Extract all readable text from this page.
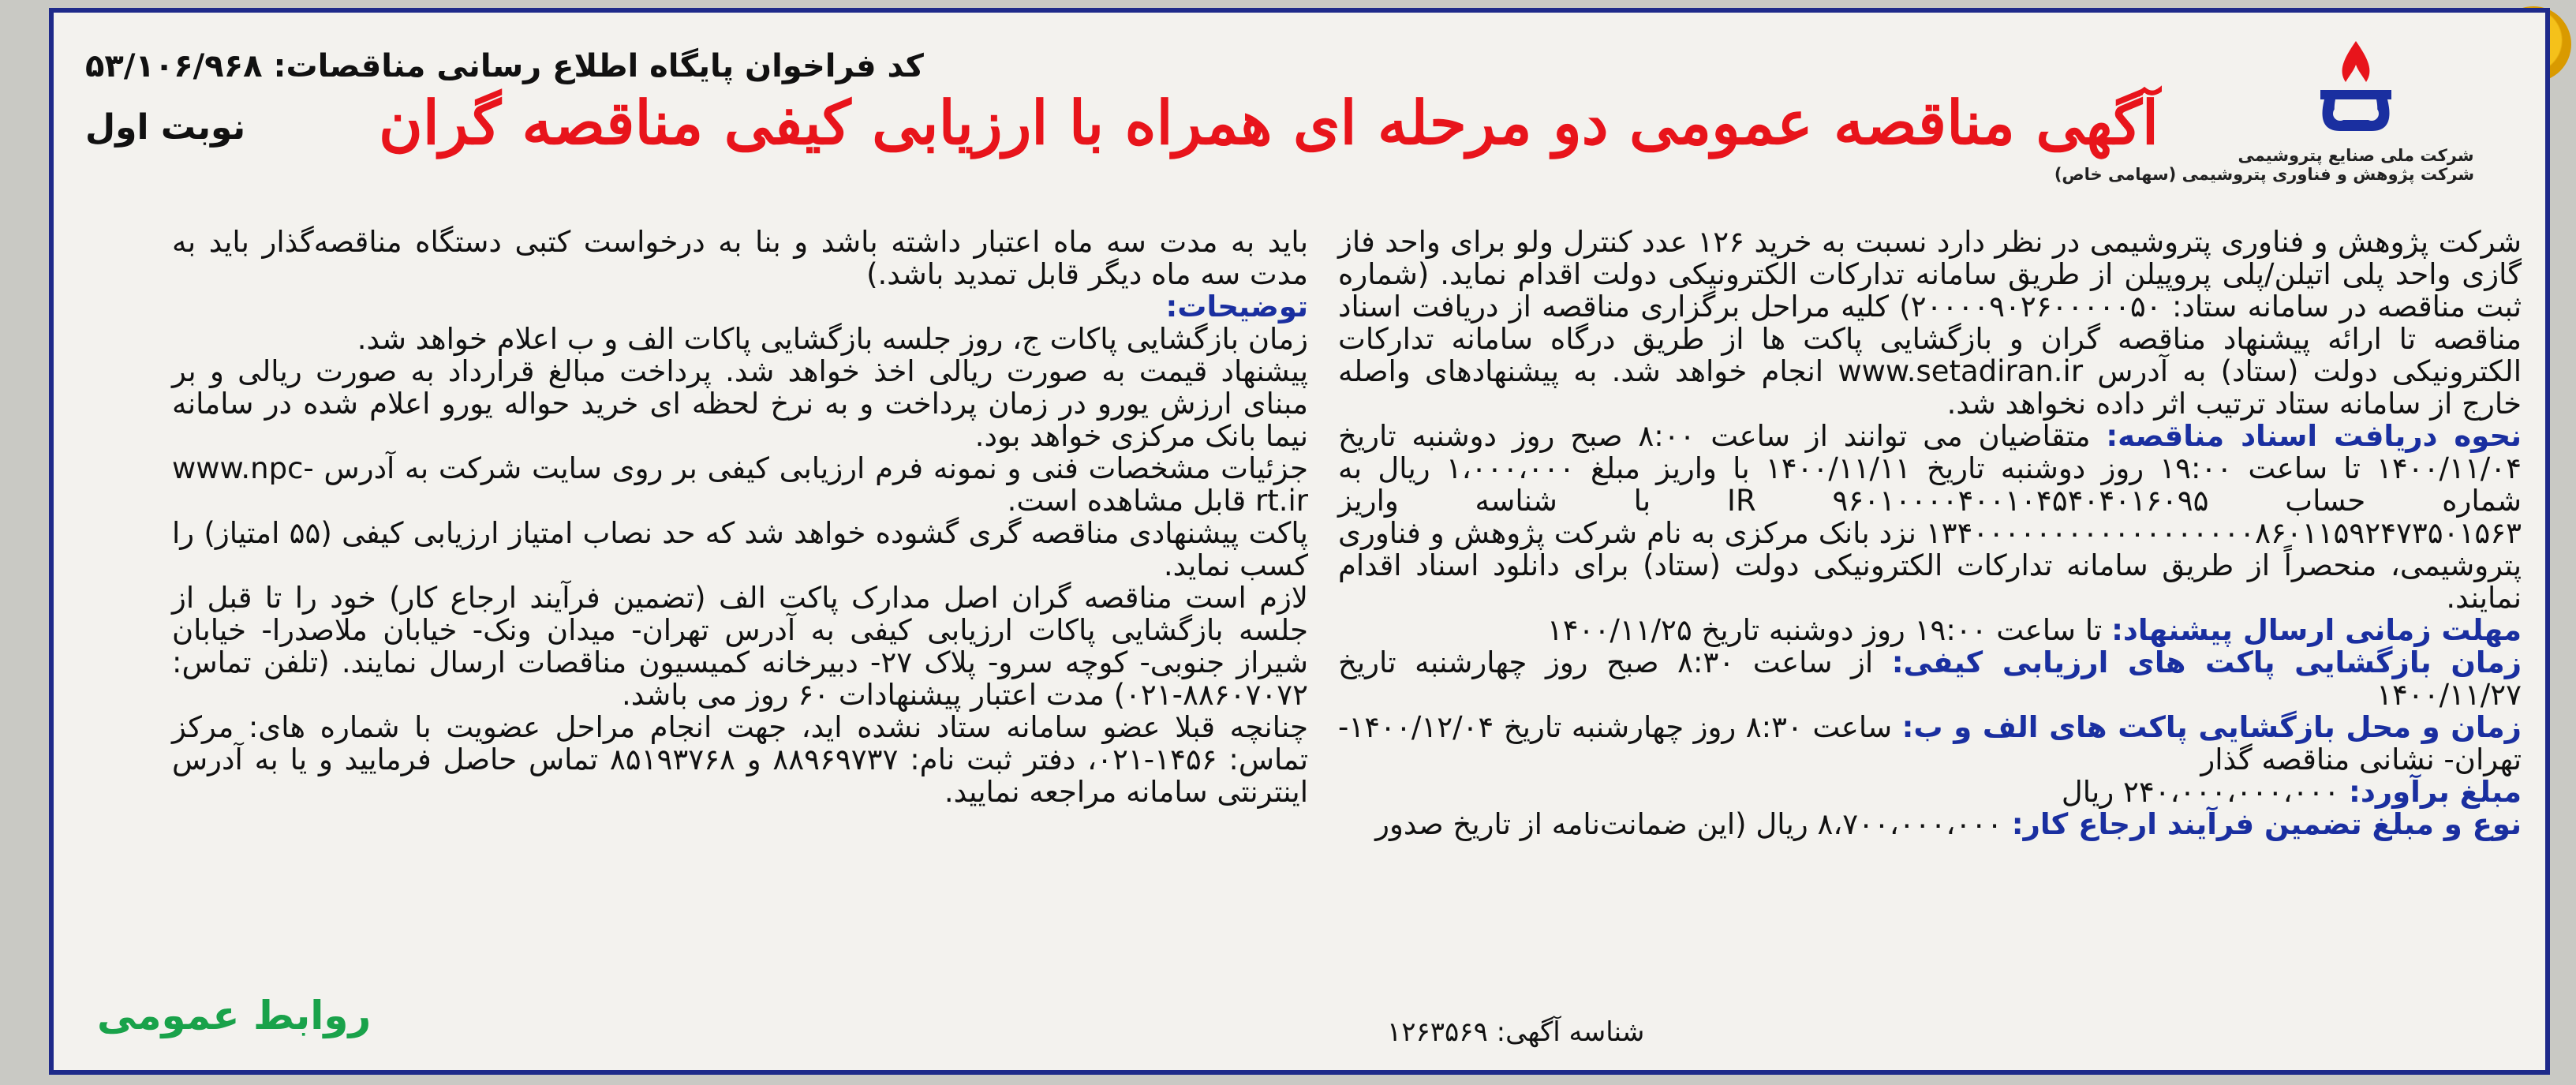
شرکت ملی صنایع پتروشیمی
شرکت پژوهش و فناوری پتروشیمی (سهامی خاص)
آگهی مناقصه عمومی دو مرحله ای همراه با ارزیابی کیفی مناقصه گران
کد فراخوان پایگاه اطلاع رسانی مناقصات: ۵۳/۱۰۶/۹۶۸
نوبت اول

شرکت پژوهش و فناوری پتروشیمی در نظر دارد نسبت به خرید ۱۲۶ عدد کنترل ولو برای واحد فاز گازی واحد پلی اتیلن/پلی پروپیلن از طریق سامانه تدارکات الکترونیکی دولت اقدام نماید. (شماره ثبت مناقصه در سامانه ستاد: ۲۰۰۰۰۹۰۲۶۰۰۰۰۰۵۰) کلیه مراحل برگزاری مناقصه از دریافت اسناد مناقصه تا ارائه پیشنهاد مناقصه گران و بازگشایی پاکت ها از طریق درگاه سامانه تدارکات الکترونیکی دولت (ستاد) به آدرس www.setadiran.ir انجام خواهد شد. به پیشنهادهای واصله خارج از سامانه ستاد ترتیب اثر داده نخواهد شد.

نحوه دریافت اسناد مناقصه: متقاضیان می توانند از ساعت ۸:۰۰ صبح روز دوشنبه تاریخ ۱۴۰۰/۱۱/۰۴ تا ساعت ۱۹:۰۰ روز دوشنبه تاریخ ۱۴۰۰/۱۱/۱۱ با واریز مبلغ ۱،۰۰۰،۰۰۰ ریال به شماره حساب IR ۹۶۰۱۰۰۰۰۴۰۰۱۰۴۵۴۰۴۰۱۶۰۹۵ با شناسه واریز ۱۳۴۰۰۰۰۰۰۰۰۰۰۰۰۰۰۰۰۰۰۸۶۰۱۱۵۹۲۴۷۳۵۰۱۵۶۳ نزد بانک مرکزی به نام شرکت پژوهش و فناوری پتروشیمی، منحصراً از طریق سامانه تدارکات الکترونیکی دولت (ستاد) برای دانلود اسناد اقدام نمایند.

مهلت زمانی ارسال پیشنهاد: تا ساعت ۱۹:۰۰ روز دوشنبه تاریخ ۱۴۰۰/۱۱/۲۵

زمان بازگشایی پاکت های ارزیابی کیفی: از ساعت ۸:۳۰ صبح روز چهارشنبه تاریخ ۱۴۰۰/۱۱/۲۷

زمان و محل بازگشایی پاکت های الف و ب: ساعت ۸:۳۰ روز چهارشنبه تاریخ ۱۴۰۰/۱۲/۰۴- تهران- نشانی مناقصه گذار

مبلغ برآورد: ۲۴۰،۰۰۰،۰۰۰،۰۰۰ ریال

نوع و مبلغ تضمین فرآیند ارجاع کار: ۸،۷۰۰،۰۰۰،۰۰۰ ریال (این ضمانت‌نامه از تاریخ صدور

باید به مدت سه ماه اعتبار داشته باشد و بنا به درخواست کتبی دستگاه مناقصه‌گذار باید به مدت سه ماه دیگر قابل تمدید باشد.)

توضیحات:

زمان بازگشایی پاکات ج، روز جلسه بازگشایی پاکات الف و ب اعلام خواهد شد.

پیشنهاد قیمت به صورت ریالی اخذ خواهد شد. پرداخت مبالغ قرارداد به صورت ریالی و بر مبنای ارزش یورو در زمان پرداخت و به نرخ لحظه ای خرید حواله یورو اعلام شده در سامانه نیما بانک مرکزی خواهد بود.

جزئیات مشخصات فنی و نمونه فرم ارزیابی کیفی بر روی سایت شرکت به آدرس www.npc-rt.ir قابل مشاهده است.

پاکت پیشنهادی مناقصه گری گشوده خواهد شد که حد نصاب امتیاز ارزیابی کیفی (۵۵ امتیاز) را کسب نماید.

لازم است مناقصه گران اصل مدارک پاکت الف (تضمین فرآیند ارجاع کار) خود را تا قبل از جلسه بازگشایی پاکات ارزیابی کیفی به آدرس تهران- میدان ونک- خیابان ملاصدرا- خیابان شیراز جنوبی- کوچه سرو- پلاک ۲۷- دبیرخانه کمیسیون مناقصات ارسال نمایند. (تلفن تماس: ۸۸۶۰۷۰۷۲-۰۲۱) مدت اعتبار پیشنهادات ۶۰ روز می باشد.

چنانچه قبلا عضو سامانه ستاد نشده اید، جهت انجام مراحل عضویت با شماره های: مرکز تماس: ۱۴۵۶-۰۲۱، دفتر ثبت نام: ۸۸۹۶۹۷۳۷ و ۸۵۱۹۳۷۶۸ تماس حاصل فرمایید و یا به آدرس اینترنتی سامانه مراجعه نمایید.

شناسه آگهی: ۱۲۶۳۵۶۹
روابط عمومی
